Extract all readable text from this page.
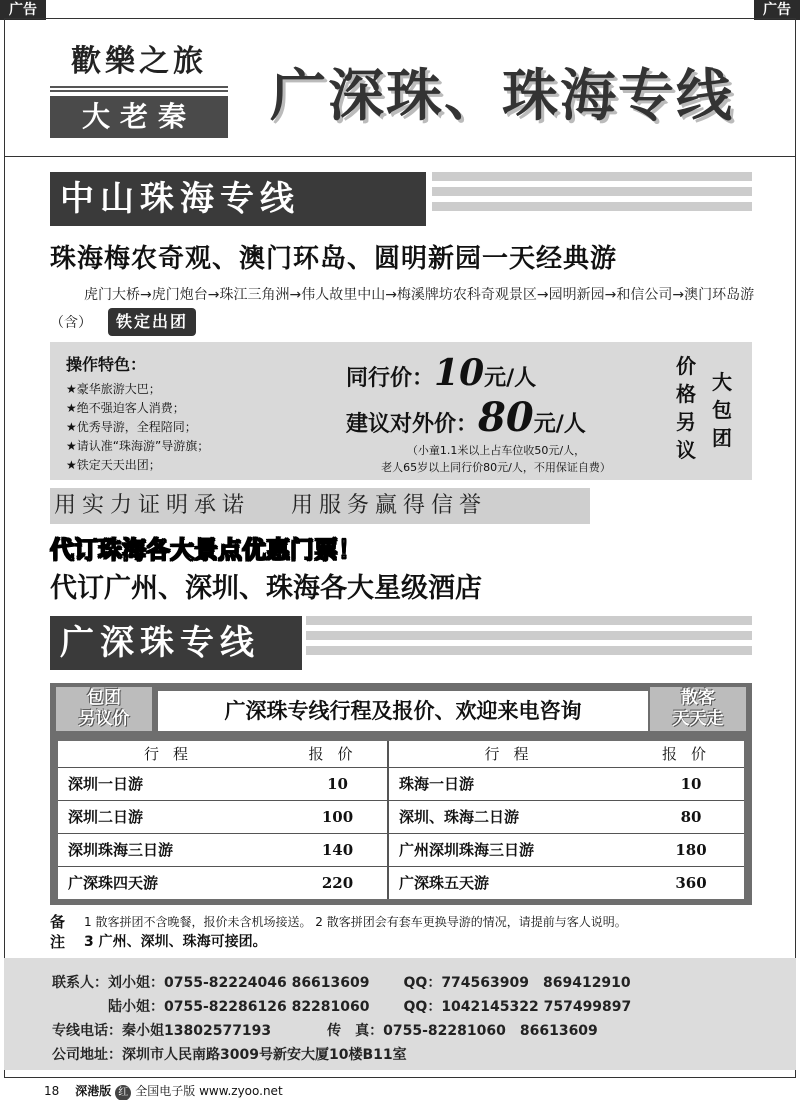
广告	广告
歡樂之旅
大老秦	广深珠、珠海专线
中山珠海专线
珠海梅农奇观、澳门环岛、圆明新园一天经典游
虎门大桥→虎门炮台→珠江三角洲→伟人故里中山→梅溪牌坊农科奇观景区→园明新园→和信公司→澳门环岛游（含） 铁定出团
操作特色：
★豪华旅游大巴；
★绝不强迫客人消费；
★优秀导游，全程陪同；
★请认准“珠海游”导游旗；
★铁定天天出团；
同行价：10元/人
建议对外价：80元/人
（小童1.1米以上占车位收50元/人，
老人65岁以上同行价80元/人，不用保证自费）
价格另议
大包团
用实力证明承诺　 用服务赢得信誉
代订珠海各大景点优惠门票！
代订广州、深圳、珠海各大星级酒店
广深珠专线
包团
另议价	广深珠专线行程及报价、欢迎来电咨询
散客
天天走
行程	报价	行程	报价
深圳一日游	10	珠海一日游	10
深圳二日游	100	深圳、珠海二日游	80
深圳珠海三日游	140	广州深圳珠海三日游	180
广深珠四天游	220	广深珠五天游	360
备
注
1 散客拼团不含晚餐，报价未含机场接送。 2 散客拼团会有套车更换导游的情况，请提前与客人说明。
3 广州、深圳、珠海可接团。
联系人：刘小姐：0755-82224046 86613609 QQ：774563909　869412910
陆小姐：0755-82286126 82281060 QQ：1042145322 757499897
专线电话：秦小姐13802577193	传　真：0755-82281060　86613609
公司地址：深圳市人民南路3009号新安大厦10楼B11室
18 深港版 红 全国电子版 www.zyoo.net
